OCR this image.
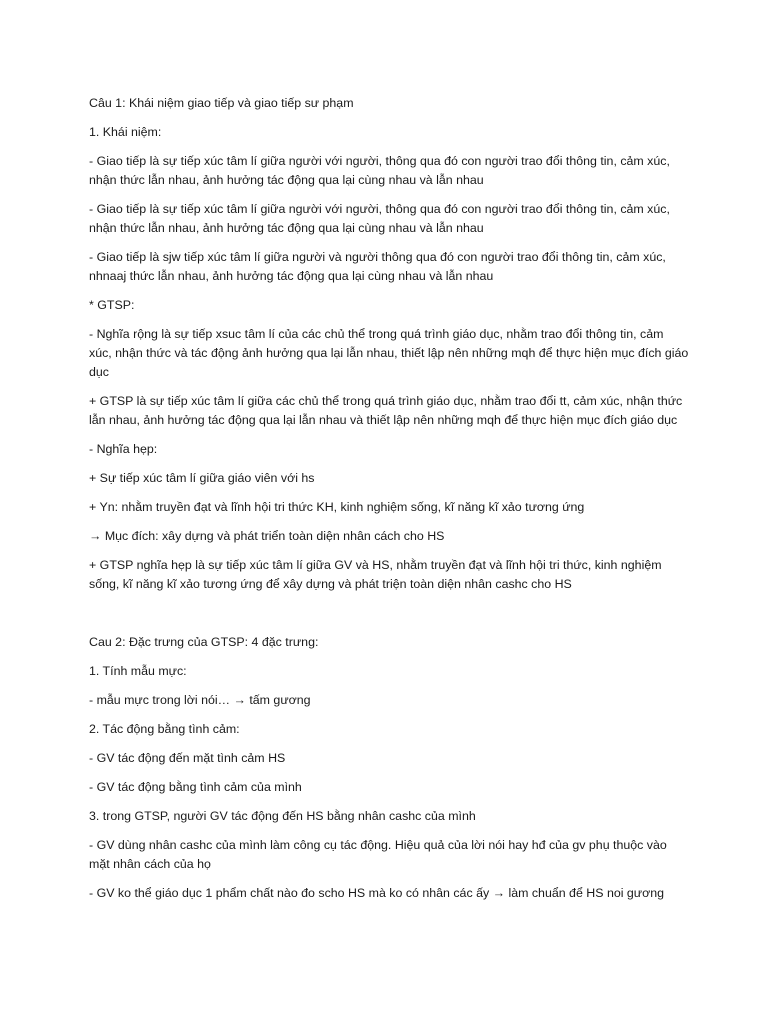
Câu 1: Khái niệm giao tiếp và giao tiếp sư phạm

1. Khái niệm:

- Giao tiếp là sự tiếp xúc tâm lí giữa người với người, thông qua đó con người trao đổi thông tin, cảm xúc, nhận thức lẫn nhau, ảnh hưởng tác động qua lại cùng nhau và lẫn nhau

- Giao tiếp là sự tiếp xúc tâm lí giữa người với người, thông qua đó con người trao đổi thông tin, cảm xúc, nhận thức lẫn nhau, ảnh hưởng tác động qua lại cùng nhau và lẫn nhau

- Giao tiếp là sjw tiếp xúc tâm lí giữa người và người thông qua đó con người trao đổi thông tin, cảm xúc, nhnaaj thức lẫn nhau, ảnh hưởng tác động qua lại cùng nhau và lẫn nhau

* GTSP:

- Nghĩa rộng là sự tiếp xsuc tâm lí của các chủ thể trong quá trình giáo dục, nhằm trao đổi thông tin, cảm xúc, nhận thức và tác động ảnh hưởng qua lại lẫn nhau, thiết lập nên những mqh để thực hiện mục đích giáo dục

+ GTSP là sự tiếp xúc tâm lí giữa các chủ thể trong quá trình giáo dục, nhằm trao đổi tt, cảm xúc, nhận thức lẫn nhau, ảnh hưởng tác động qua lại lẫn nhau và thiết lập nên những mqh để thực hiện mục đích giáo dục

- Nghĩa hẹp:

+ Sự tiếp xúc tâm lí giữa giáo viên với hs

+ Yn: nhằm truyền đạt và lĩnh hội tri thức KH, kinh nghiệm sống, kĩ năng kĩ xảo tương ứng

→ Mục đích: xây dựng và phát triển toàn diện nhân cách cho HS

+ GTSP nghĩa hẹp là sự tiếp xúc tâm lí giữa GV và HS, nhằm truyền đạt và lĩnh hội tri thức, kinh nghiệm sống, kĩ năng kĩ xảo tương ứng để xây dựng và phát triện toàn diện nhân cashc cho HS

Cau 2: Đặc trưng của GTSP: 4 đặc trưng:

1. Tính mẫu mực:

- mẫu mực trong lời nói… → tấm gương

2. Tác động bằng tình cảm:

- GV tác động đến mặt tình cảm HS

- GV tác động bằng tình cảm của mình

3. trong GTSP, người GV tác động đến HS bằng nhân cashc của mình

- GV dùng nhân cashc của mình làm công cụ tác động. Hiệu quả của lời nói hay hđ của gv phụ thuộc vào mặt nhân cách của họ

- GV ko thể giáo dục 1 phẩm chất nào đo scho HS mà ko có nhân các ấy → làm chuẩn để HS noi gương
